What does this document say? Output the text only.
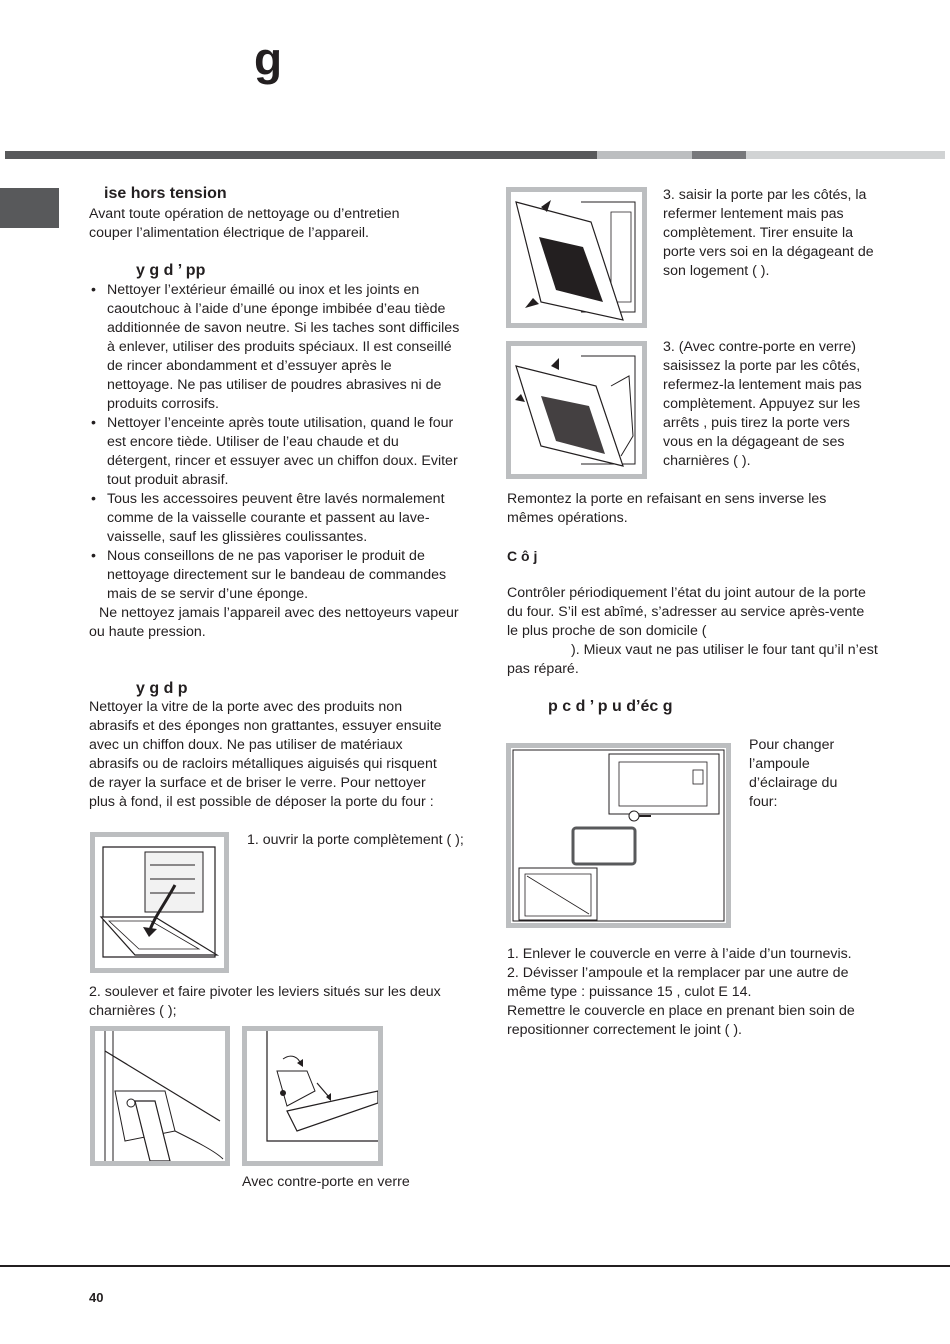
g
ise hors tension
Avant toute opération de nettoyage ou d’entretien couper l’alimentation électrique de l’appareil.
y g d ’ pp
• Nettoyer l’extérieur émaillé ou inox et les joints en caoutchouc à l’aide d’une éponge imbibée d’eau tiède additionnée de savon neutre. Si les taches sont difficiles à enlever, utiliser des produits spéciaux. Il est conseillé de rincer abondamment et d’essuyer après le nettoyage. Ne pas utiliser de poudres abrasives ni de produits corrosifs.
• Nettoyer l’enceinte après toute utilisation, quand le four est encore tiède. Utiliser de l’eau chaude et du détergent, rincer et essuyer avec un chiffon doux. Eviter tout produit abrasif.
• Tous les accessoires peuvent être lavés normalement comme de la vaisselle courante et passent au lave-vaisselle, sauf les glissières coulissantes.
• Nous conseillons de ne pas vaporiser le produit de nettoyage directement sur le bandeau de commandes mais de se servir d’une éponge.

Ne nettoyez jamais l’appareil avec des nettoyeurs vapeur ou haute pression.

y g d p
Nettoyer la vitre de la porte avec des produits non abrasifs et des éponges non grattantes, essuyer ensuite avec un chiffon doux. Ne pas utiliser de matériaux abrasifs ou de racloirs métalliques aiguisés qui risquent de rayer la surface et de briser le verre. Pour nettoyer plus à fond, il est possible de déposer la porte du four :
1. ouvrir la porte complètement ( );
2. soulever et faire pivoter les leviers situés sur les deux charnières ( );
Avec contre-porte en verre
3. saisir la porte par les côtés, la refermer lentement mais pas complètement. Tirer ensuite la porte vers soi en la dégageant de son logement ( ).
3. (Avec contre-porte en verre) saisissez la porte par les côtés, refermez-la lentement mais pas complètement. Appuyez sur les arrêts , puis tirez la porte vers vous en la dégageant de ses charnières ( ).
Remontez la porte en refaisant en sens inverse les mêmes opérations.
C ô j
Contrôler périodiquement l’état du joint autour de la porte du four. S’il est abîmé, s’adresser au service après-vente le plus proche de son domicile (
). Mieux vaut ne pas utiliser le four tant qu’il n’est pas réparé.
p c d ’ p u d’éc g
Pour changer l’ampoule d’éclairage du four:

1. Enlever le couvercle en verre à l’aide d’un tournevis.

2. Dévisser l’ampoule et la remplacer par une autre de même type : puissance 15 , culot E 14.

Remettre le couvercle en place en prenant bien soin de repositionner correctement le joint ( ).

40
